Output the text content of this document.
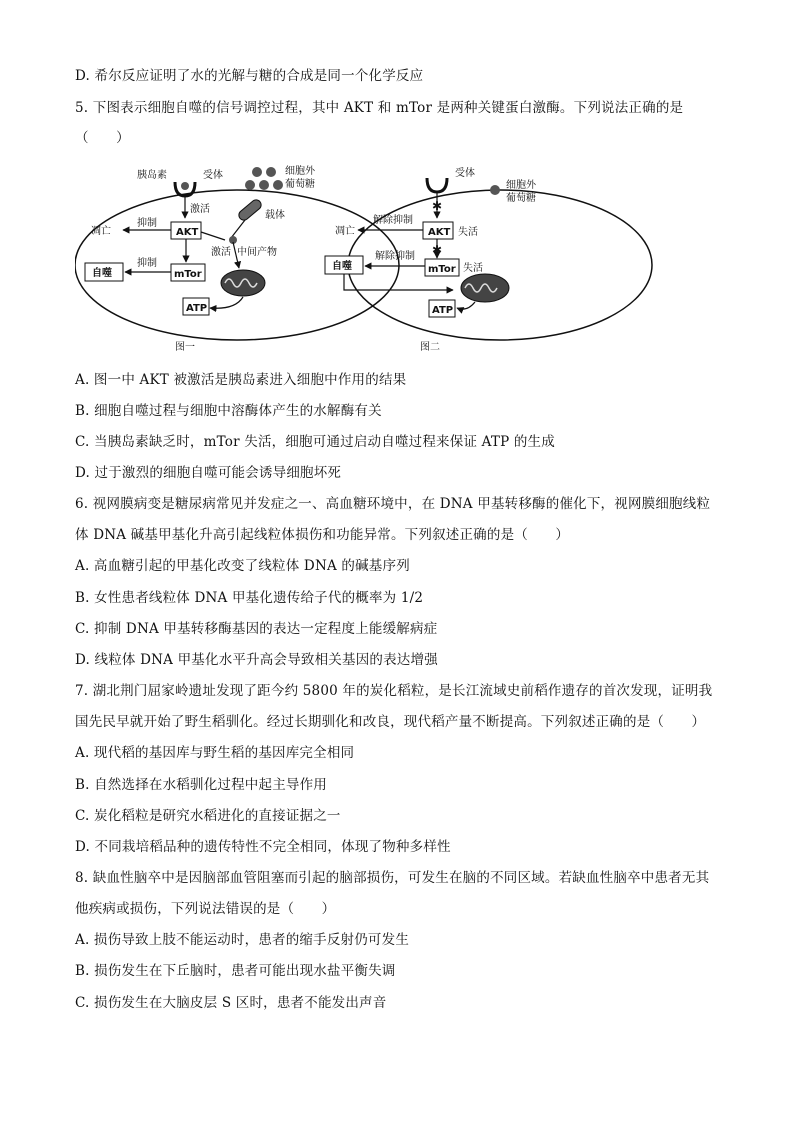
D. 希尔反应证明了水的光解与糖的合成是同一个化学反应
5. 下图表示细胞自噬的信号调控过程，其中 AKT 和 mTor 是两种关键蛋白激酶。下列说法正确的是
（　　）
胰岛素	受体
激活
细胞外
葡萄糖
载体
AKT
抑制
凋亡
激活 中间产物
mTor
抑制
自噬
ATP
图一
受体
✱
细胞外
葡萄糖
AKT 失活
解除抑制
凋亡
✱
mTor 失活
解除抑制
自噬
ATP
图二
A. 图一中 AKT 被激活是胰岛素进入细胞中作用的结果
B. 细胞自噬过程与细胞中溶酶体产生的水解酶有关
C. 当胰岛素缺乏时，mTor 失活，细胞可通过启动自噬过程来保证 ATP 的生成
D. 过于激烈的细胞自噬可能会诱导细胞坏死
6. 视网膜病变是糖尿病常见并发症之一、高血糖环境中，在 DNA 甲基转移酶的催化下，视网膜细胞线粒
体 DNA 碱基甲基化升高引起线粒体损伤和功能异常。下列叙述正确的是（　　）
A. 高血糖引起的甲基化改变了线粒体 DNA 的碱基序列
B. 女性患者线粒体 DNA 甲基化遗传给子代的概率为 1/2
C. 抑制 DNA 甲基转移酶基因的表达一定程度上能缓解病症
D. 线粒体 DNA 甲基化水平升高会导致相关基因的表达增强
7. 湖北荆门屈家岭遗址发现了距今约 5800 年的炭化稻粒，是长江流域史前稻作遗存的首次发现，证明我
国先民早就开始了野生稻驯化。经过长期驯化和改良，现代稻产量不断提高。下列叙述正确的是（　　）
A. 现代稻的基因库与野生稻的基因库完全相同
B. 自然选择在水稻驯化过程中起主导作用
C. 炭化稻粒是研究水稻进化的直接证据之一
D. 不同栽培稻品种的遗传特性不完全相同，体现了物种多样性
8. 缺血性脑卒中是因脑部血管阻塞而引起的脑部损伤，可发生在脑的不同区域。若缺血性脑卒中患者无其
他疾病或损伤，下列说法错误的是（　　）
A. 损伤导致上肢不能运动时，患者的缩手反射仍可发生
B. 损伤发生在下丘脑时，患者可能出现水盐平衡失调
C. 损伤发生在大脑皮层 S 区时，患者不能发出声音
